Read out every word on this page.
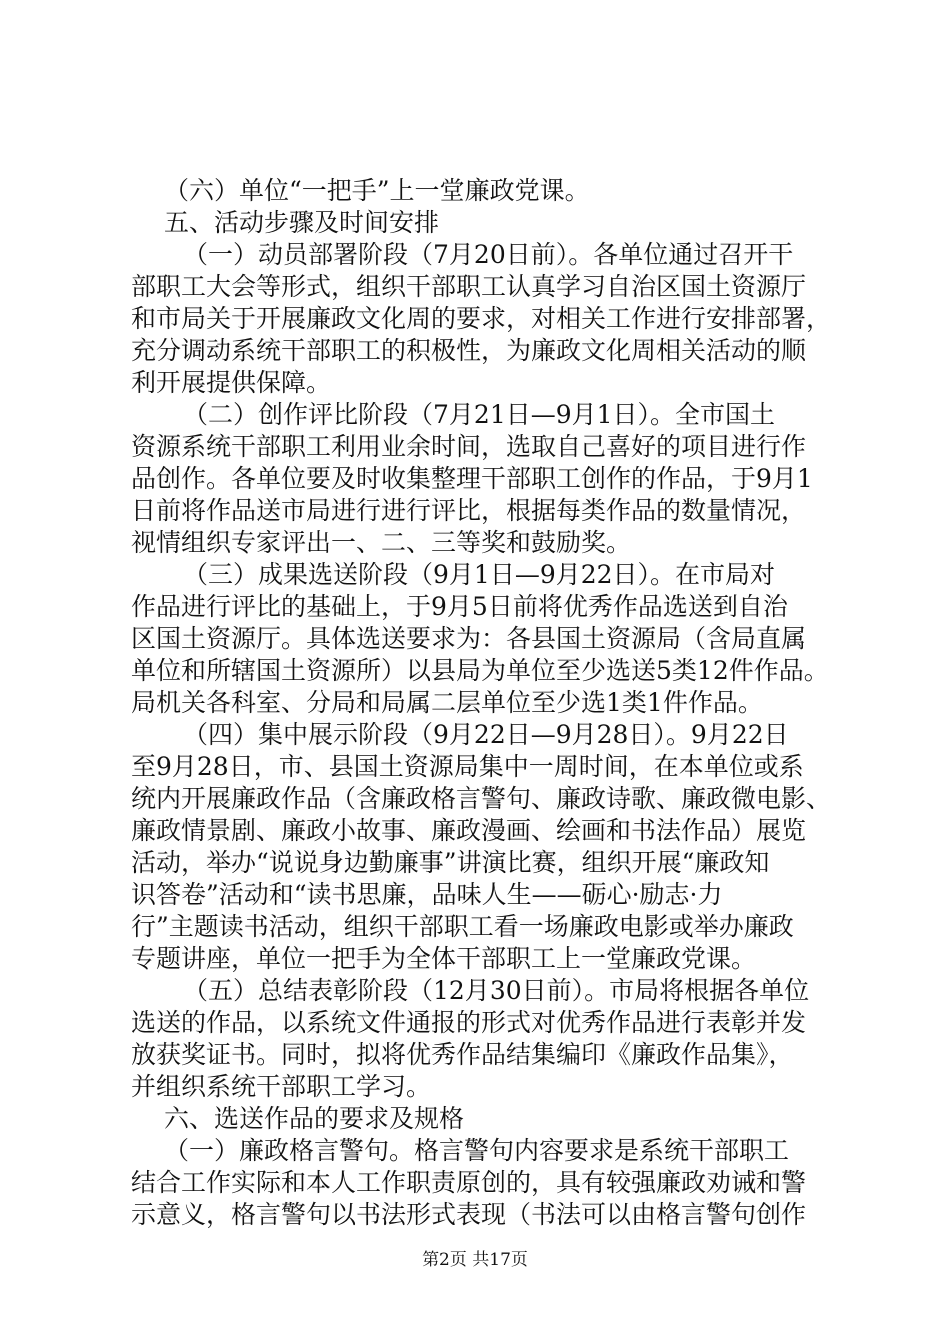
（六）单位“一把手”上一堂廉政党课。
五、活动步骤及时间安排
（一）动员部署阶段（7月20日前）。各单位通过召开干
部职工大会等形式，组织干部职工认真学习自治区国土资源厅
和市局关于开展廉政文化周的要求，对相关工作进行安排部署，
充分调动系统干部职工的积极性，为廉政文化周相关活动的顺
利开展提供保障。
（二）创作评比阶段（7月21日—9月1日）。全市国土
资源系统干部职工利用业余时间，选取自己喜好的项目进行作
品创作。各单位要及时收集整理干部职工创作的作品，于9月1
日前将作品送市局进行进行评比，根据每类作品的数量情况，
视情组织专家评出一、二、三等奖和鼓励奖。
（三）成果选送阶段（9月1日—9月22日）。在市局对
作品进行评比的基础上，于9月5日前将优秀作品选送到自治
区国土资源厅。具体选送要求为：各县国土资源局（含局直属
单位和所辖国土资源所）以县局为单位至少选送5类12件作品。
局机关各科室、分局和局属二层单位至少选1类1件作品。
（四）集中展示阶段（9月22日—9月28日）。9月22日
至9月28日，市、县国土资源局集中一周时间，在本单位或系
统内开展廉政作品（含廉政格言警句、廉政诗歌、廉政微电影、
廉政情景剧、廉政小故事、廉政漫画、绘画和书法作品）展览
活动，举办“说说身边勤廉事”讲演比赛，组织开展“廉政知
识答卷”活动和“读书思廉，品味人生——砺心·励志·力
行”主题读书活动，组织干部职工看一场廉政电影或举办廉政
专题讲座，单位一把手为全体干部职工上一堂廉政党课。
（五）总结表彰阶段（12月30日前）。市局将根据各单位
选送的作品，以系统文件通报的形式对优秀作品进行表彰并发
放获奖证书。同时，拟将优秀作品结集编印《廉政作品集》，
并组织系统干部职工学习。
六、选送作品的要求及规格
（一）廉政格言警句。格言警句内容要求是系统干部职工
结合工作实际和本人工作职责原创的，具有较强廉政劝诫和警
示意义，格言警句以书法形式表现（书法可以由格言警句创作
第2页 共17页
